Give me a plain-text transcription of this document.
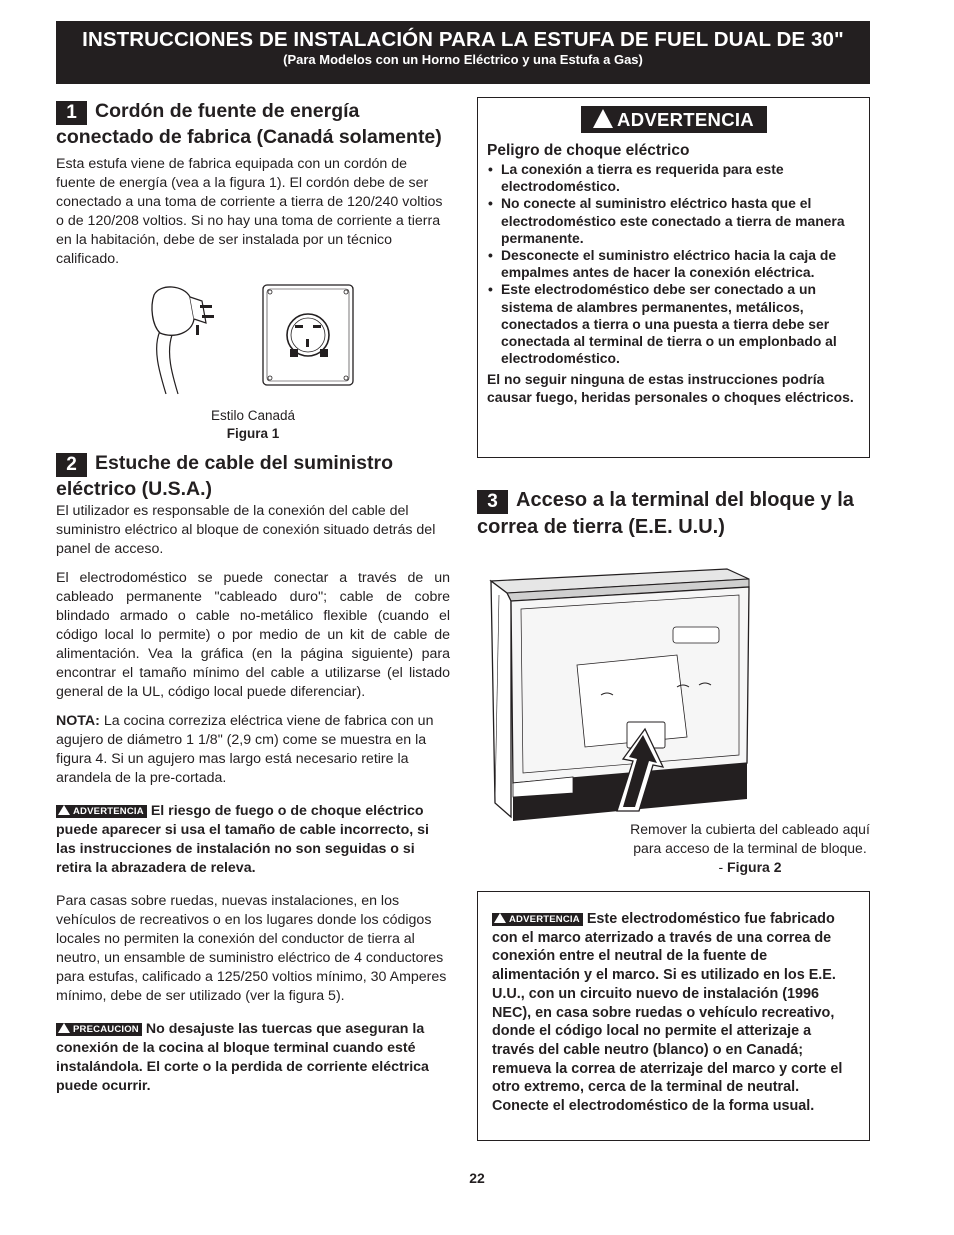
INSTRUCCIONES DE INSTALACIÓN PARA LA ESTUFA DE FUEL DUAL DE 30"
(Para Modelos con un Horno Eléctrico y una Estufa a Gas)
1 Cordón de fuente de energía conectado de fabrica (Canadá solamente)

Esta estufa viene de fabrica equipada con un cordón de fuente de energía (vea a la figura 1). El cordón debe de ser conectado a una toma de corriente a tierra de 120/240 voltios o de 120/208 voltios. Si no hay una toma de corriente a tierra en la habitación, debe de ser instalada por un técnico calificado.

Estilo Canadá
Figura 1
2 Estuche de cable del suministro eléctrico (U.S.A.)

El utilizador es responsable de la conexión del cable del suministro eléctrico al bloque de conexión situado detrás del panel de acceso.

El electrodoméstico se puede conectar a través de un cableado permanente "cableado duro"; cable de cobre blindado armado o cable no-metálico flexible (cuando el código local lo permite) o por medio de un kit de cable de alimentación. Vea la gráfica (en la página siguiente) para encontrar el tamaño mínimo del cable a utilizarse (el listado general de la UL, código local puede diferenciar).

NOTA: La cocina correziza eléctrica viene de fabrica con un agujero de diámetro 1 1/8" (2,9 cm) come se muestra en la figura 4. Si un agujero mas largo está necesario retire la arandela de la pre-cortada.

ADVERTENCIA El riesgo de fuego o de choque eléctrico puede aparecer si usa el tamaño de cable incorrecto, si las instrucciones de instalación no son seguidas o si retira la abrazadera de releva.

Para casas sobre ruedas, nuevas instalaciones, en los vehículos de recreativos o en los lugares donde los códigos locales no permiten la conexión del conductor de tierra al neutro, un ensamble de suministro eléctrico de 4 conductores para estufas, calificado a 125/250 voltios mínimo, 30 Amperes mínimo, debe de ser utilizado (ver la figura 5).

PRECAUCION No desajuste las tuercas que aseguran la conexión de la cocina al bloque terminal cuando esté instalándola. El corte o la perdida de corriente eléctrica puede ocurrir.

ADVERTENCIA
Peligro de choque eléctrico
• La conexión a tierra es requerida para este electrodoméstico.
• No conecte al suministro eléctrico hasta que el electrodoméstico este conectado a tierra de manera permanente.
• Desconecte el suministro eléctrico hacia la caja de empalmes antes de hacer la conexión eléctrica.
• Este electrodoméstico debe ser conectado a un sistema de alambres permanentes, metálicos, conectados a tierra o una puesta a tierra debe ser conectada al terminal de tierra o un emplonbado al electrodoméstico.
El no seguir ninguna de estas instrucciones podría causar fuego, heridas personales o choques eléctricos.
3 Acceso a la terminal del bloque y la correa de tierra (E.E. U.U.)
Remover la cubierta del cableado aquí para acceso de la terminal de bloque. - Figura 2

ADVERTENCIA Este electrodoméstico fue fabricado con el marco aterrizado a través de una correa de conexión entre el neutral de la fuente de alimentación y el marco. Si es utilizado en los E.E. U.U., con un circuito nuevo de instalación (1996 NEC), en casa sobre ruedas o vehículo recreativo, donde el código local no permite el atterizaje a través del cable neutro (blanco) o en Canadá; remueva la correa de aterrizaje del marco y corte el otro extremo, cerca de la terminal de neutral. Conecte el electrodoméstico de la forma usual.

22
